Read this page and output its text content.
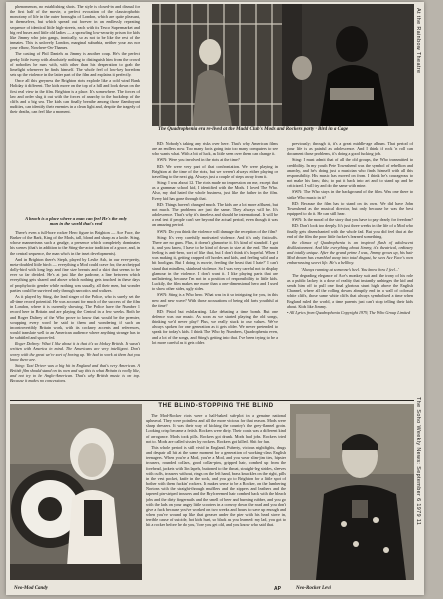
At the Rainbow Theatre
The Soho Weekly News: September 6 1979 11

phenomenon, no establishing shots. The style is closed-in and dismal for the first half of the movie, a perfect evocation of the claustrophobic monotony of life in the outer boroughs of London, which are quite pleasant, in themselves, but which spread out forever in an endlessly repeating sequence of identical little high-streets, each with its Tesco Supermarket and big red buses and little old ladies — a sprawling low-security prison for kids like Jimmy who join gangs, ironically, so as not to be like the rest of the inmates. This is unlovely London, marginal suburbia, neither your ass nor your elbow, Nowhere-On-Thames.

The casting of Phil Daniels as Jimmy is another coup. He's the perfect geeky little twerp with absolutely nothing to distinguish him from the crowd of nobodies he runs with, with other than his desperation to grab the limelight whenever he finds himself. The whole feel of low-key boredom sets up the violence in the latter part of the film and explains it perfectly.

Once all this greyness the Brighton riots explode like a cold wind Bank Holiday it different. The kids move on the top of a hill and look down on the first real view in the film. Brighton is a place. It's somewhere. The forces of law and order slug it out with the forces of anarchy to the backdrop of the cliffs and a big sea. The kids can finally breathe among those flamboyant nudities, can identify their enemies in a clean light and, despite the tragedy of their deaths, can feel like a moment.

A beach is a place where a man can feel He's the only man in the world that's real

There's even a full-bore rocker Hero figure in Brighton — Ace Face, the Barker of the Bark, King of the Mods, tall, blond and sharp as a knife. Sting, whose mannerisms such a grudge, a presence which completely dominates his scenes (that's in addition to the Sting-the-actor tradition of a grace, and, in the central sequence, the man who's in the inset developments).

And in Brighton there's Steph, played by Leslie Ash, in our ever-pretty, meta-doubled little birch — everything a Mod could crave for, the archetypal dolly-bird with long legs and fine size breasts and a skirt that seems to be ever so far divided. He's at just like the padrone, a line between which everything gets shared and above which nothing gets touched in these days of prophylactic gender while nothing was usually, all their men, but wonder parties could be survived only through narcotics and waltzes.

As it played by Sting, the lead singer of the Police, who is surely set the all-time record potential. He was account for much of the success of the film in London, where it is currently showing. The Police have the Number 1 record here in Britain and are playing the Central in a few weeks. Both he and Roger Daltrey of the Who prove to know that would be the premier, scrapping every word he said to them and wondering if such an incontrovertibly Britain work, with its cockney accents and references, would translate well to an American audience where anything strange has to be subtitled and spoon-fed.

Roger Daltrey: What I like about it is that it's so blokey British. It wasn't written with America in mind. The Americans are very intelligent. Don't worry with the great we're sort of boring up. We had to work at them but you know there are.

Sting: Taxi Driver was a big hit in England and that's very American. A British film should stand on its own and say this is what Britain is really like, and not try to be Anglo-American. That's why British music is on top. Because it makes no concessions.

The Quadrophenia era re-lived at the Mudd Club's Mods and Rockers party · Bird in a Cage

RD: Nobody's taking any risks over here. That's why American films are an endless now. Too many facts going into too many computers to see who wants what. With a bit of luck, as little seen over them can change it.

SWN: Were you involved in the riots at the time?

RD: We were very part of that confrontation. We were playing in Brighton at the time of the riots, but we weren't always either playing or travelling to the next gig. Always just a couple of steps away from it.

Sting: I was about 12. The riots made no impression on me, except that as a grammar school kid, I identified with the Mods. I loved The Who. Also, my dad hated the whole business, just like the father in the film. Every kid has gone through that.

RD: Things haven't changed much. The kids are a lot more affluent, but not much. The problems are just the same. They always will be. It's adolescence. That's why it's timeless and should be international. It will be a real test if people can't see beyond the actual period, even though it was an amazing period.

SWN: Do you think the violence will damage the reception of the film?

Sting: It's very carefully motivated violence. And it's only fisticuffs. There are no guns. Plus, it doesn't glamorise it. It's kind of standoff. I got it, and you know, I have to be kind of down to size at the end. The main feeling is anti-hero, sort of like that, but I don't think it's hopeful. When I was making it, getting crapped off hordes and kids, and feeling wild and a bit hooligan. But I doing is movie, feeding the beast that I hate?' I can't stand that mindless, skinhead violence. So I was very careful not to display glamour in the violence. I don't want it. I like playing parts that are unflattering, because I'm not in a position of responsibility to little kids. Luckily, the film makes me more than a one-dimensional hero and I used to show other sides, ugly sides.

SWN: Sting is a Who hero. What was in it so intriguing for you, in this new and new wave? With those accusations of being old farts youthful at the time?

RD: Pistol but exhilarating. Like debating a time bomb. But one defence was our music. As soon as we started playing the old songs, thinking we'd never play? Plus, we really stuck to our values. We've always spoken for one generation as it gets older. We never pretended to speak for today's kids. I think The Who by Numbers, Quadrophenia even, and a lot of the songs, and Sting's getting into that. I've been trying to be a lot more careful as it gets older.

previously; through it, it's a great middle-age album. That period of your life is as painful as adolescence. And I think if rock 'n roll can document those problems, it's doing a good fucking job.

Sting: I must admit that of all the old groups, the Who transmitted to credibility. In my youth Pete Townshend was the symbol of rebellion and anarchy, and he's doing just a musician who finds himself with all this responsibility. His music has moved on from. I think he's courageous to not make his fans; this; to put it back into art and to stand up and be criticized. I will try and do the same with mine.

SWN: The Who stays in the background of the film. Was one there to strike Who music in it?

RD: Because the film has to stand on its own. We did have John Townshend as the musical director, but only because he was the best equipped to do it. He can still hear.

SWN: Is the moral of the story that you have to pay dearly for freedom?

RD: Don't look too deeply. It's just three weeks in the life of a Mod who finally gets disenchanted with the whole fad. But you did feel that at the end of the film the poor little fucker's learned something.

the climax of Quadrophenia is an inspired flash of adolescent disillusionment. And like everything about Jimmy, it's theatrical, ordinary and totally unique. After the grand prime I was, Jimmy grows up, his hair Mod dream has crumbled away into total disgust, he sees Ace Face's own embarrassing secret life. He's a bellboy.

'Always running at someone's heel. You know how I feel...'

The degrading elegance of Ace's monkey suit and the irony of his role as a public lackey is a dose of reality that instantly unhinges the kid and sends him off to pull one final glorious stunt high above the English Channel, where all the rolling downs abruptly end in a wall of colossal white cliffs, those same white cliffs that always symbolised a time when England ruled the world, a time parents just can't stop telling their kids about. Kids like Jimmy.

• All Lyrics from Quadrophenia Copyright 1979, The Who Group Limited

THE BLIND-STOPPING THE BLIND

The Mod-Rocker riots were a half-baked sub-plot in a genuine national upheaval. They were pointless and all the more vicious for that reason. Mods were sharp dressers. It was their way of kicking the country's the grey-flannel groin. Looking crisp became a fetish. Rockers were dirty. Their coats was a different kind of arrogance. Mods took pills. Rockers got drunk. Mods had jobs. Rockers tried not to. Mods are called sissies by rockers. Rockers got killed. Shit for fun.

This whole period is still vivid in England. Puberty, vicious nightfights, drugs and despair all hit at the same moment for a generation of working-class English teenagers. When you're a Mod, you're a Mod, and you wear slim-jim ties, hipster trousers, rounded collars, good collar-pins, gripped hair, combed up from the forehead, jackets with 3in lapels, buttoned to the throat, straight-leg strides, sleeves with cuffs, trousers without, rings on the left hand, brass knuckles on the right, pills in the vest pocket, knife in the sock, and you go to Brighton for a little spot of bother with them fuckin' rockers. It makes sense to be a Rocker, on the lumbering Nortons with the straight-through mufflers and the zippers and leathers and the tapered pin-striped trousers and the Brylcreemed hair combed back with the bleach jobs and the dirty fingernails and the smell of beer and burning rubber, and you go with the lads on your angry little scooters in a convoy down the road and you don't give a fuck because you've worked on two weeks and hours to save up enough and when you've wound up like that greaser under the pier with his head stove in, terrible cause of suicide, hot kids hurt, so black as you learned: my lad, you got to hit a rocker before he do you, 'fore you get old, and you know who said that.

AP
Neo-Mod Candy	Neo-Rocker Levi
